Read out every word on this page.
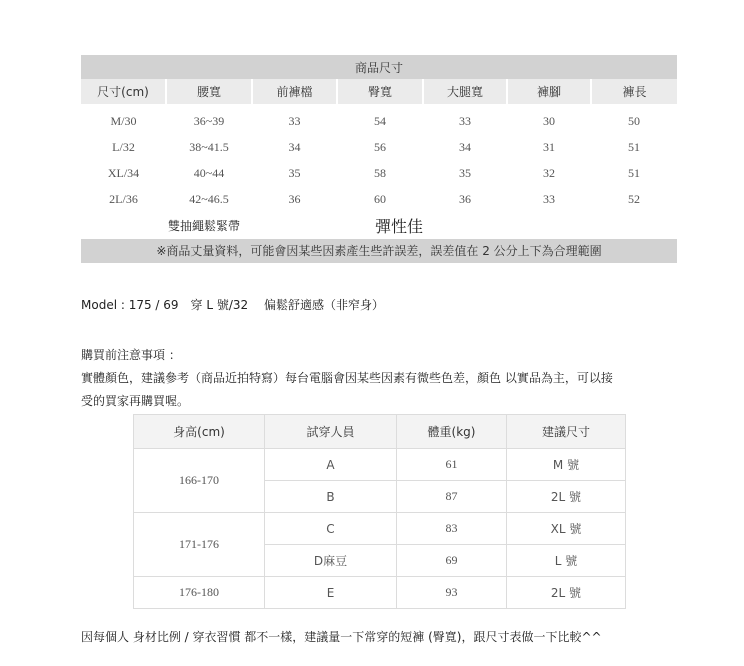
商品尺寸						
尺寸(cm)	腰寬	前褲檔	臀寬	大腿寬	褲腳	褲長

M/30	36~39	33	54	33	30	50
L/32	38~41.5	34	56	34	31	51
XL/34	40~44	35	58	35	32	51
2L/36	42~46.5	36	60	36	33	52
雙抽繩鬆緊帶	彈性佳
※商品丈量資料，可能會因某些因素產生些許誤差，誤差值在 2 公分上下為合理範圍
Model : 175 / 69　穿 L 號/32　 偏鬆舒適感（非窄身）
購買前注意事項 ：
實體顏色，建議參考（商品近拍特寫）每台電腦會因某些因素有微些色差，顏色 以實品為主，可以接
受的買家再購買喔。
身高(cm)	試穿人員	體重(kg)	建議尺寸
166-170	A	61	M 號
	B	87	2L 號
171-176	C	83	XL 號
	D麻豆	69	L 號
176-180	E	93	2L 號
因每個人 身材比例 / 穿衣習慣 都不一樣，建議量一下常穿的短褲 (臀寬)，跟尺寸表做一下比較^^
